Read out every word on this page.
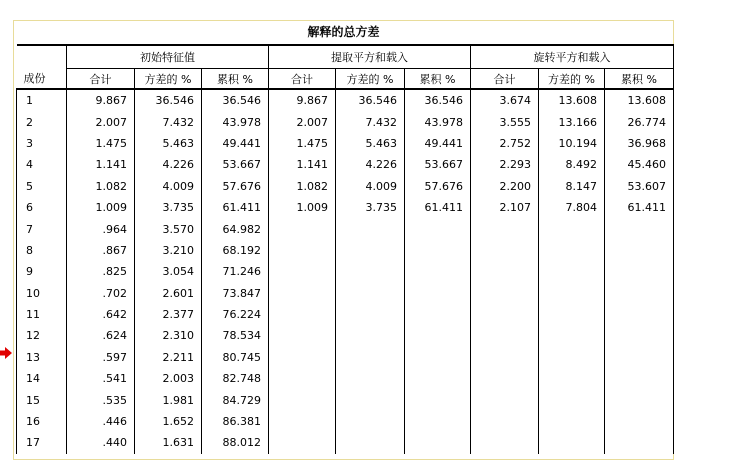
解释的总方差
成份	初始特征值			提取平方和载入			旋转平方和载入		
	合计	方差的 %	累积 %	合计	方差的 %	累积 %	合计	方差的 %	累积 %
1	9.867	36.546	36.546	9.867	36.546	36.546	3.674	13.608	13.608
2	2.007	7.432	43.978	2.007	7.432	43.978	3.555	13.166	26.774
3	1.475	5.463	49.441	1.475	5.463	49.441	2.752	10.194	36.968
4	1.141	4.226	53.667	1.141	4.226	53.667	2.293	8.492	45.460
5	1.082	4.009	57.676	1.082	4.009	57.676	2.200	8.147	53.607
6	1.009	3.735	61.411	1.009	3.735	61.411	2.107	7.804	61.411
7	.964	3.570	64.982						
8	.867	3.210	68.192						
9	.825	3.054	71.246						
10	.702	2.601	73.847						
11	.642	2.377	76.224						
12	.624	2.310	78.534						
13	.597	2.211	80.745						
14	.541	2.003	82.748						
15	.535	1.981	84.729						
16	.446	1.652	86.381						
17	.440	1.631	88.012						
